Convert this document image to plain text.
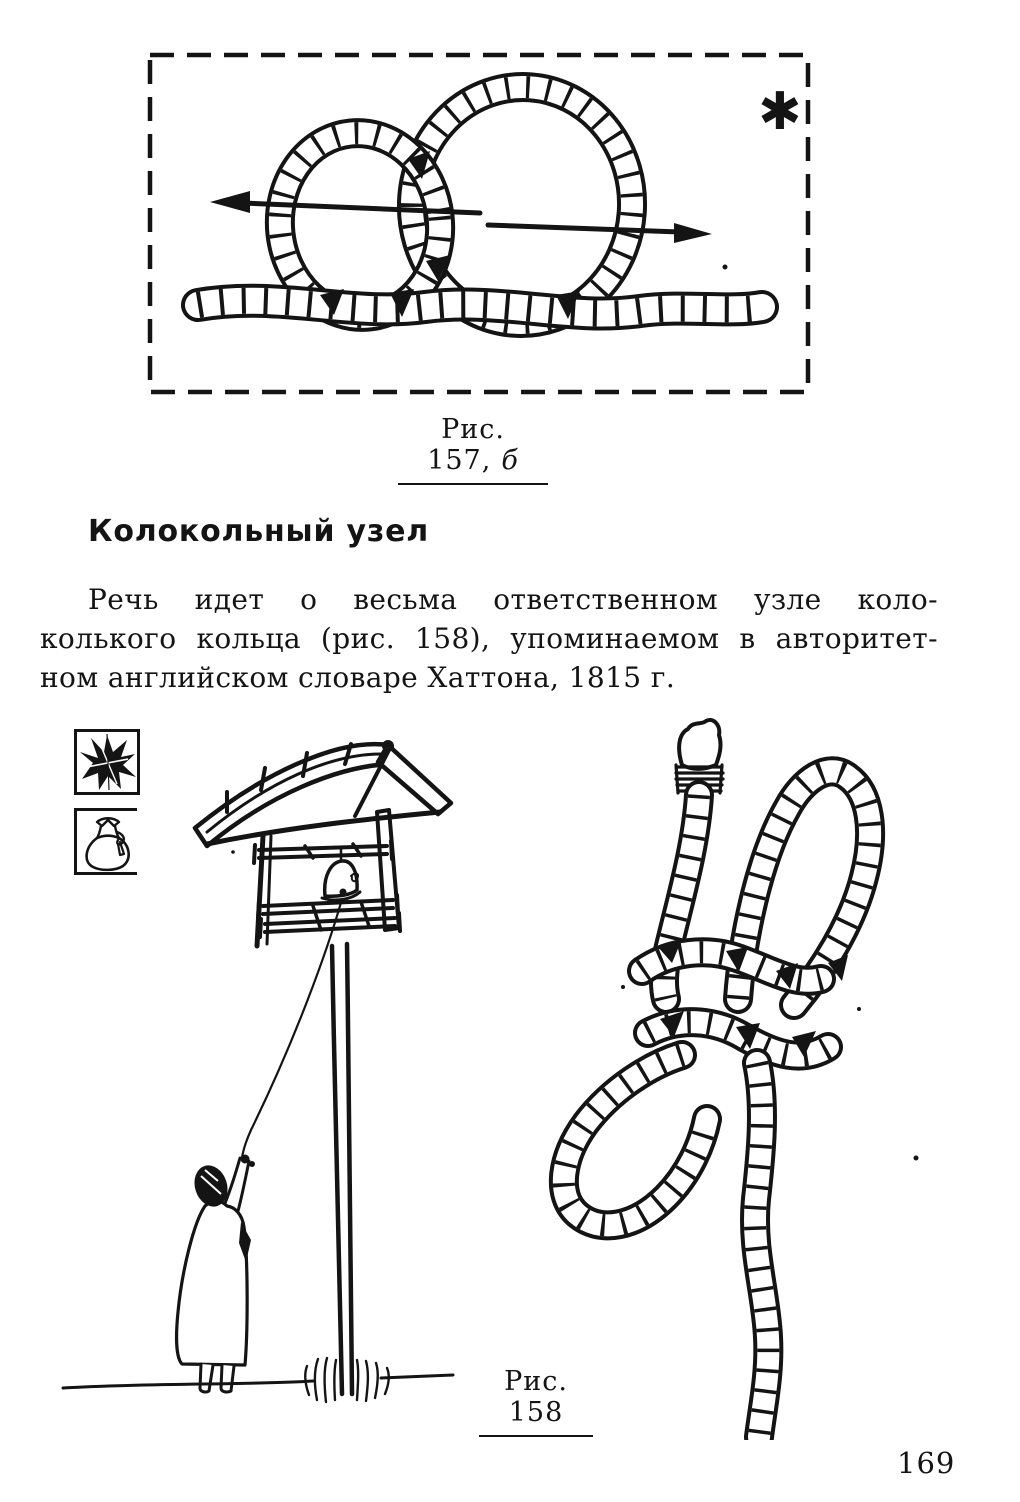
✱
Рис. 157, б
Колокольный узел
Речь идет о весьма ответственном узле коло-
колького кольца (рис. 158), упоминаемом в авторитет-
ном английском словаре Хаттона, 1815 г.
Рис. 158
169
